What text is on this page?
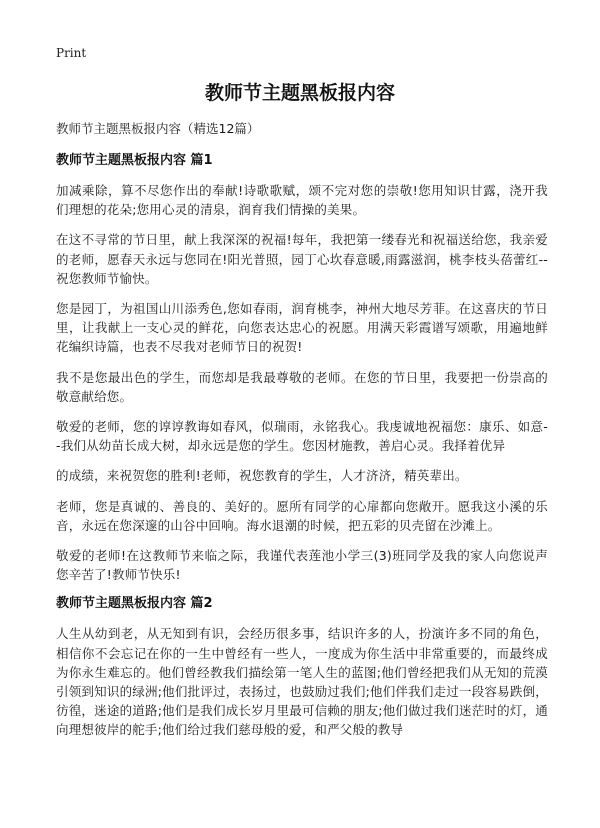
Print
教师节主题黑板报内容

教师节主题黑板报内容（精选12篇）

教师节主题黑板报内容 篇1

加减乘除，算不尽您作出的奉献!诗歌歌赋，颂不完对您的崇敬!您用知识甘露，浇开我们理想的花朵;您用心灵的清泉，润育我们情操的美果。

在这不寻常的节日里，献上我深深的祝福!每年，我把第一缕春光和祝福送给您，我亲爱的老师，愿春天永远与您同在!阳光普照，园丁心坎春意暖,雨露滋润，桃李枝头蓓蕾红--祝您教师节愉快。

您是园丁，为祖国山川添秀色,您如春雨，润育桃李，神州大地尽芳菲。在这喜庆的节日里，让我献上一支心灵的鲜花，向您表达忠心的祝愿。用满天彩霞谱写颂歌，用遍地鲜花编织诗篇，也表不尽我对老师节日的祝贺!

我不是您最出色的学生，而您却是我最尊敬的老师。在您的节日里，我要把一份崇高的敬意献给您。

敬爱的老师，您的谆谆教诲如春风，似瑞雨，永铭我心。我虔诚地祝福您：康乐、如意--我们从幼苗长成大树，却永远是您的学生。您因材施教，善启心灵。我择着优异

的成绩，来祝贺您的胜利!老师，祝您教育的学生，人才济济，精英辈出。

老师，您是真诚的、善良的、美好的。愿所有同学的心扉都向您敞开。愿我这小溪的乐音，永远在您深邃的山谷中回响。海水退潮的时候，把五彩的贝壳留在沙滩上。

敬爱的老师!在这教师节来临之际，我谨代表莲池小学三(3)班同学及我的家人向您说声您辛苦了!教师节快乐!

教师节主题黑板报内容 篇2

人生从幼到老，从无知到有识，会经历很多事，结识许多的人，扮演许多不同的角色，相信你不会忘记在你的一生中曾经有一些人，一度成为你生活中非常重要的，而最终成为你永生难忘的。他们曾经教我们描绘第一笔人生的蓝图;他们曾经把我们从无知的荒漠引领到知识的绿洲;他们批评过，表扬过，也鼓励过我们;他们伴我们走过一段容易跌倒，彷徨，迷途的道路;他们是我们成长岁月里最可信赖的朋友;他们做过我们迷茫时的灯，通向理想彼岸的舵手;他们给过我们慈母般的爱，和严父般的教导
